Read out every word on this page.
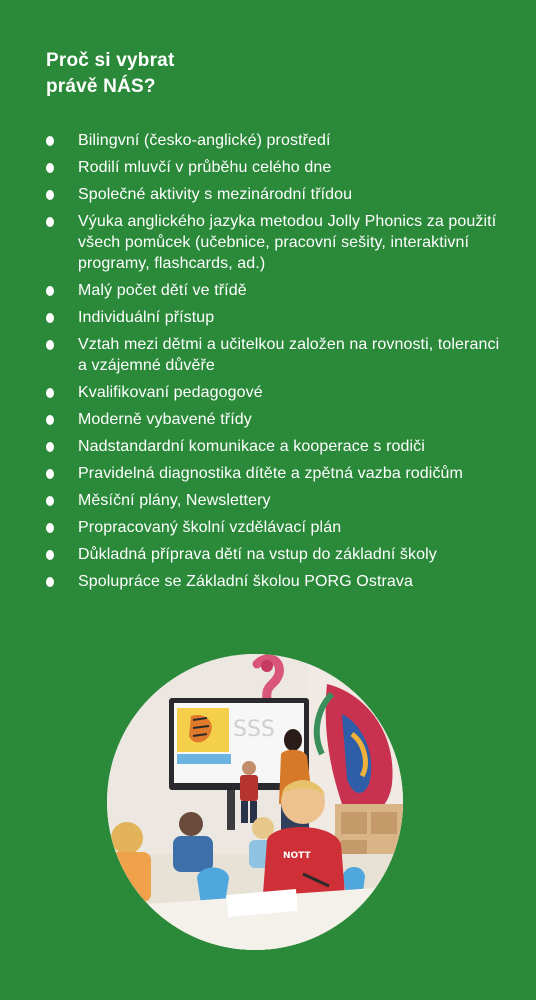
Proč si vybrat
právě NÁS?
Bilingvní (česko-anglické) prostředí
Rodilí mluvčí v průběhu celého dne
Společné aktivity s mezinárodní třídou
Výuka anglického jazyka metodou Jolly Phonics za použití všech pomůcek (učebnice, pracovní sešity, interaktivní programy, flashcards, ad.)
Malý počet dětí ve třídě
Individuální přístup
Vztah mezi dětmi a učitelkou založen na rovnosti, toleranci a vzájemné důvěře
Kvalifikovaní pedagogové
Moderně vybavené třídy
Nadstandardní komunikace a kooperace s rodiči
Pravidelná diagnostika dítěte a zpětná vazba rodičům
Měsíční plány, Newslettery
Propracovaný školní vzdělávací plán
Důkladná příprava dětí na vstup do základní školy
Spolupráce se Základní školou PORG Ostrava
SSS
NOTT
